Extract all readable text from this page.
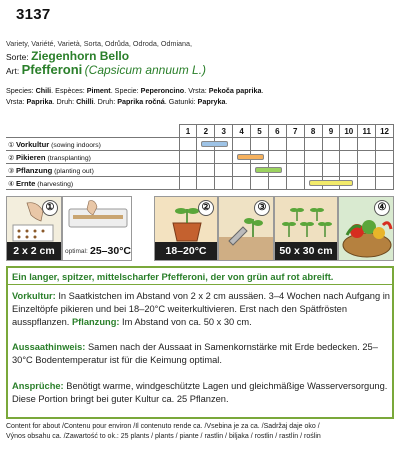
3137
Variety, Variété, Varietà, Sorta, Odrůda, Odroda, Odmiana,
Sorte: Ziegenhorn Bello
Art: Pfefferoni (Capsicum annuum L.)
Species: Chili. Espèces: Piment. Specie: Peperoncino. Vrsta: Pekoča paprika.
Vrsta: Paprika. Druh: Chilli. Druh: Paprika ročná. Gatunki: Papryka.
	1	2	3	4	5	6	7	8	9	10	11	12
① Vorkultur (sowing indoors)		

② Pikieren (transplanting)				

③ Pflanzung (planting out)					

④ Ernte (harvesting)								

①
2 x 2 cm	optimal: 25–30°C
②
18–20°C
③
50 x 30 cm
④
Ein langer, spitzer, mittelscharfer Pfefferoni, der von grün auf rot abreift.
Vorkultur: In Saatkistchen im Abstand von 2 x 2 cm aussäen. 3–4 Wochen nach Aufgang in Einzeltöpfe pikieren und bei 18–20°C weiterkultivieren. Erst nach den Spätfrösten ausspflanzen. Pflanzung: Im Abstand von ca. 50 x 30 cm.
Aussaathinweis: Samen nach der Aussaat in Samenkornstärke mit Erde bedecken. 25–30°C Bodentemperatur ist für die Keimung optimal.
Ansprüche: Benötigt warme, windgeschützte Lagen und gleichmäßige Wasserversorgung. Diese Portion bringt bei guter Kultur ca. 25 Pflanzen.
Content for about /Contenu pour environ /Il contenuto rende ca. /Vsebina je za ca. /Sadržaj daje oko /
Výnos obsahu ca. /Zawartość to ok.: 25 plants / plants / piante / rastlin / biljaka / rostlin / rastlín / roślin
